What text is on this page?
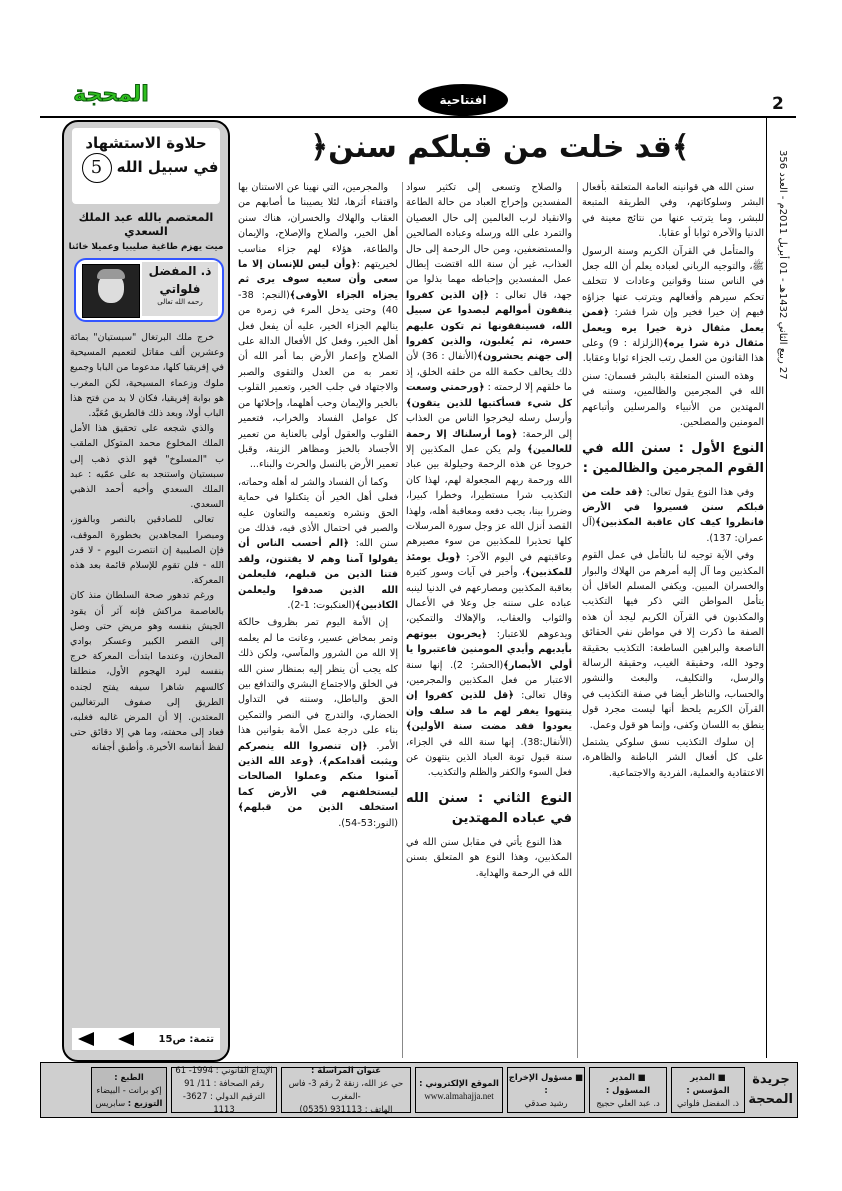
المحجة	افتتاحية	2
27 ربيع الثاني 1432هـ - 01 أبريل 2011م - العدد 356
﴿قد خلت من قبلكم سنن﴾

سنن الله هي قوانينه العامة المتعلقة بأفعال البشر وسلوكاتهم، وفي الطريقة المتبعة للبشر، وما يترتب عنها من نتائج معينة في الدنيا والآخرة ثوابا أو عقابا.

والمتأمل في القرآن الكريم وسنة الرسول ﷺ، والتوجيه الرباني لعباده يعلم أن الله جعل في الناس سننا وقوانين وعادات لا تتخلف تحكم سيرهم وأفعالهم ويترتب عنها جزاؤه فيهم إن خيرا فخير وإن شرا فشر: ﴿فمن يعمل مثقال ذرة خيرا يره ويعمل مثقال ذرة شرا يره﴾(الزلزلة : 9) وعلى هذا القانون من العمل رتب الجزاء ثوابا وعقابا.

وهذه السنن المتعلقة بالبشر قسمان: سنن الله في المجرمين والظالمين، وسننه في المهتدين من الأنبياء والمرسلين وأتباعهم المومنين والمصلحين.

النوع الأول : سنن الله في القوم المجرمين والظالمين :

وفي هذا النوع يقول تعالى: ﴿قد خلت من قبلكم سنن فسيروا في الأرض فانظروا كيف كان عاقبة المكذبين﴾(آل عمران: 137).

وفي الآية توجيه لنا بالتأمل في عمل القوم المكذبين وما آل إليه أمرهم من الهلاك والبوار والخسران المبين. ويكفي المسلم العاقل أن يتأمل المواطن التي ذكر فيها التكذيب والمكذبون في القرآن الكريم ليجد أن هذه الصفة ما ذكرت إلا في مواطن نفي الحقائق الناصعة والبراهين الساطعة: التكذيب بحقيقة وجود الله، وحقيقة الغيب، وحقيقة الرسالة والرسل، والتكليف، والبعث والنشور والحساب، والناظر أيضا في صفة التكذيب في القرآن الكريم يلحظ أنها ليست مجرد قول ينطق به اللسان وكفى، وإنما هو قول وعمل.

إن سلوك التكذيب نسق سلوكي يشتمل على كل أفعال الشر الباطنة والظاهرة، الاعتقادية والعملية، الفردية والاجتماعية.

والصلاح وتسعى إلى تكثير سواد المفسدين وإخراج العباد من حالة الطاعة والانقياد لرب العالمين إلى حال العصيان والتمرد على الله ورسله وعباده الصالحين والمستضعفين، ومن حال الرحمة إلى حال العذاب، غير أن سنة الله اقتضت إبطال عمل المفسدين وإحباطه مهما بذلوا من جهد، قال تعالى : ﴿إن الذين كفروا ينفقون أموالهم ليصدوا عن سبيل الله، فسينفقونها ثم تكون عليهم حسرة، ثم يُغلبون، والذين كفروا إلى جهنم يحشرون﴾(الأنفال : 36) لأن ذلك يخالف حكمة الله من خلقه الخلق، إذ ما خلقهم إلا لرحمته : ﴿ورحمتي وسعت كل شيء فسأكتبها للذين يتقون﴾ وأرسل رسله ليخرجوا الناس من العذاب إلى الرحمة: ﴿وما أرسلناك إلا رحمة للعالمين﴾ ولم يكن عمل المكذبين إلا خروجا عن هذه الرحمة وحيلولة بين عباد الله ورحمة ربهم المجعولة لهم، لهذا كان التكذيب شرا مستطيرا، وخطرا كبيرا، وضررا بينا، يجب دفعه ومعاقبة أهله، ولهذا القصد أنزل الله عز وجل سورة المرسلات كلها تحذيرا للمكذبين من سوء مصيرهم وعاقبتهم في اليوم الآخر: ﴿ويل يومئذ للمكذبين﴾، وأخبر في آيات وسور كثيرة بعاقبة المكذبين ومصارعهم في الدنيا لينبه عباده على سننه جل وعلا في الأعمال والثواب والعقاب، والإهلاك والتمكين، ويدعوهم للاعتبار: ﴿يخربون بيوتهم بأيديهم وأيدي المومنين فاعتبروا يا أولي الأبصار﴾(الحشر: 2). إنها سنة الاعتبار من فعل المكذبين والمجرمين، وقال تعالى: ﴿قل للذين كفروا إن ينتهوا يغفر لهم ما قد سلف وإن يعودوا فقد مضت سنة الأولين﴾(الأنفال:38). إنها سنة الله في الجزاء، سنة قبول توبة العباد الذين ينتهون عن فعل السوء والكفر والظلم والتكذيب.

النوع الثاني : سنن الله في عباده المهتدين

هذا النوع يأتي في مقابل سنن الله في المكذبين، وهذا النوع هو المتعلق بسنن الله في الرحمة والهداية.

والمجرمين، التي نهينا عن الاستنان بها واقتفاء أثرها، لئلا يصيبنا ما أصابهم من العقاب والهلاك والخسران، هناك سنن أهل الخير، والصلاح والإصلاح، والإيمان والطاعة، هؤلاء لهم جزاء مناسب لخيريتهم :﴿وأن ليس للإنسان إلا ما سعى وأن سعيه سوف يرى ثم يجزاه الجزاء الأوفى﴾(النجم: 38-40) وحتى يدخل المرء في زمرة من ينالهم الجزاء الخير، عليه أن يفعل فعل أهل الخير، وفعل كل الأفعال الدالة على الصلاح وإعمار الأرض بما أمر الله أن تعمر به من العدل والتقوى والصبر والاجتهاد في جلب الخير، وتعمير القلوب بالخير والإيمان وحب أهلهما، وإخلائها من كل عوامل الفساد والخراب، فتعمير القلوب والعقول أولى بالعناية من تعمير الأجساد بالخبز ومظاهر الزينة، وقبل تعمير الأرض بالنسل والحرث والبناء...

وكما أن الفساد والشر له أهله وحماته، فعلى أهل الخير أن يتكتلوا في حماية الحق ونشره وتعميمه والتعاون عليه والصبر في احتمال الأذى فيه، فذلك من سنن الله: ﴿الم أحسب الناس أن يقولوا آمنا وهم لا يفتنون، ولقد فتنا الذين من قبلهم، فليعلمن الله الذين صدقوا وليعلمن الكاذبين﴾(العنكبوت: 1-2).

إن الأمة اليوم تمر بظروف حالكة وتمر بمخاض عسير، وعانت ما لم يعلمه إلا الله من الشرور والمآسي، ولكن ذلك كله يجب أن ينظر إليه بمنظار سنن الله في الخلق والاجتماع البشري والتدافع بين الحق والباطل، وسننه في التداول الحضاري، والتدرج في النصر والتمكين بناء على درجة عمل الأمة بقوانين هذا الأمر. ﴿إن تنصروا الله ينصركم ويثبت أقدامكم﴾، ﴿وعد الله الذين آمنوا منكم وعملوا الصالحات ليستخلفنهم في الأرض كما استخلف الذين من قبلهم﴾(النور:53-54).

حلاوة الاستشهاد
في سبيل الله 5
المعتصم بالله عبد الملك السعدي
ميت يهزم طاغية صليبيا وعميلا خائنا
ذ. المفضل
فلواتي
رحمه الله تعالى

خرج ملك البرتغال "سبستيان" بمائة وعشرين ألف مقاتل لتعميم المسيحية في إفريقيا كلها، مدعوما من البابا وجميع ملوك وزعماء المسيحية، لكن المغرب هو بوابة إفريقيا، فكان لا بد من فتح هذا الباب أولا، وبعد ذلك فالطريق مُعَبَّد.

والذي شجعه على تحقيق هذا الأمل الملك المخلوع محمد المتوكل الملقب ب "المسلوخ" فهو الذي ذهب إلى سبستيان واستنجد به على عمّيه : عبد الملك السعدي وأخيه أحمد الذهبي السعدي.

تعالى للصادقين بالنصر وبالفوز، ومبصرا المجاهدين بخطورة الموقف، فإن الصليبية إن انتصرت اليوم - لا قدر الله - فلن تقوم للإسلام قائمة بعد هذه المعركة.

ورغم تدهور صحة السلطان منذ كان بالعاصمة مراكش فإنه آثر أن يقود الجيش بنفسه وهو مريض حتى وصل إلى القصر الكبير وعسكر بوادي المخازن، وعندما ابتدأت المعركة خرج بنفسه ليرد الهجوم الأول، منطلقا كالسهم شاهرا سيفه يفتح لجنده الطريق إلى صفوف البرتغاليين المعتدين. إلا أن المرض غالبه فغلبه، فعاد إلى محفته، وما هي إلا دقائق حتى لفظ أنفاسه الأخيرة. وأطبق أجفانه

تتمة: ص15
جريدة المحجة
■ المدير المؤسس :
ذ. المفضل فلواتي
■ المدير المسؤول :
د. عبد العلي حجيج
■ مسؤول الإخراج :
رشيد صدقي
الموقع الإلكتروني :
www.almahajja.net
عنوان المراسلة :
حي عز الله، زنقة 2 رقم 3- فاس -المغرب
الهاتف : 931113 (0535)
الإيداع القانوني : 1994- 61
رقم الصحافة : 11/ 91
الترقيم الدولي : 3627- 1113
الطبع :
إكو برانت - البيضاء
التوزيع : سابريس
